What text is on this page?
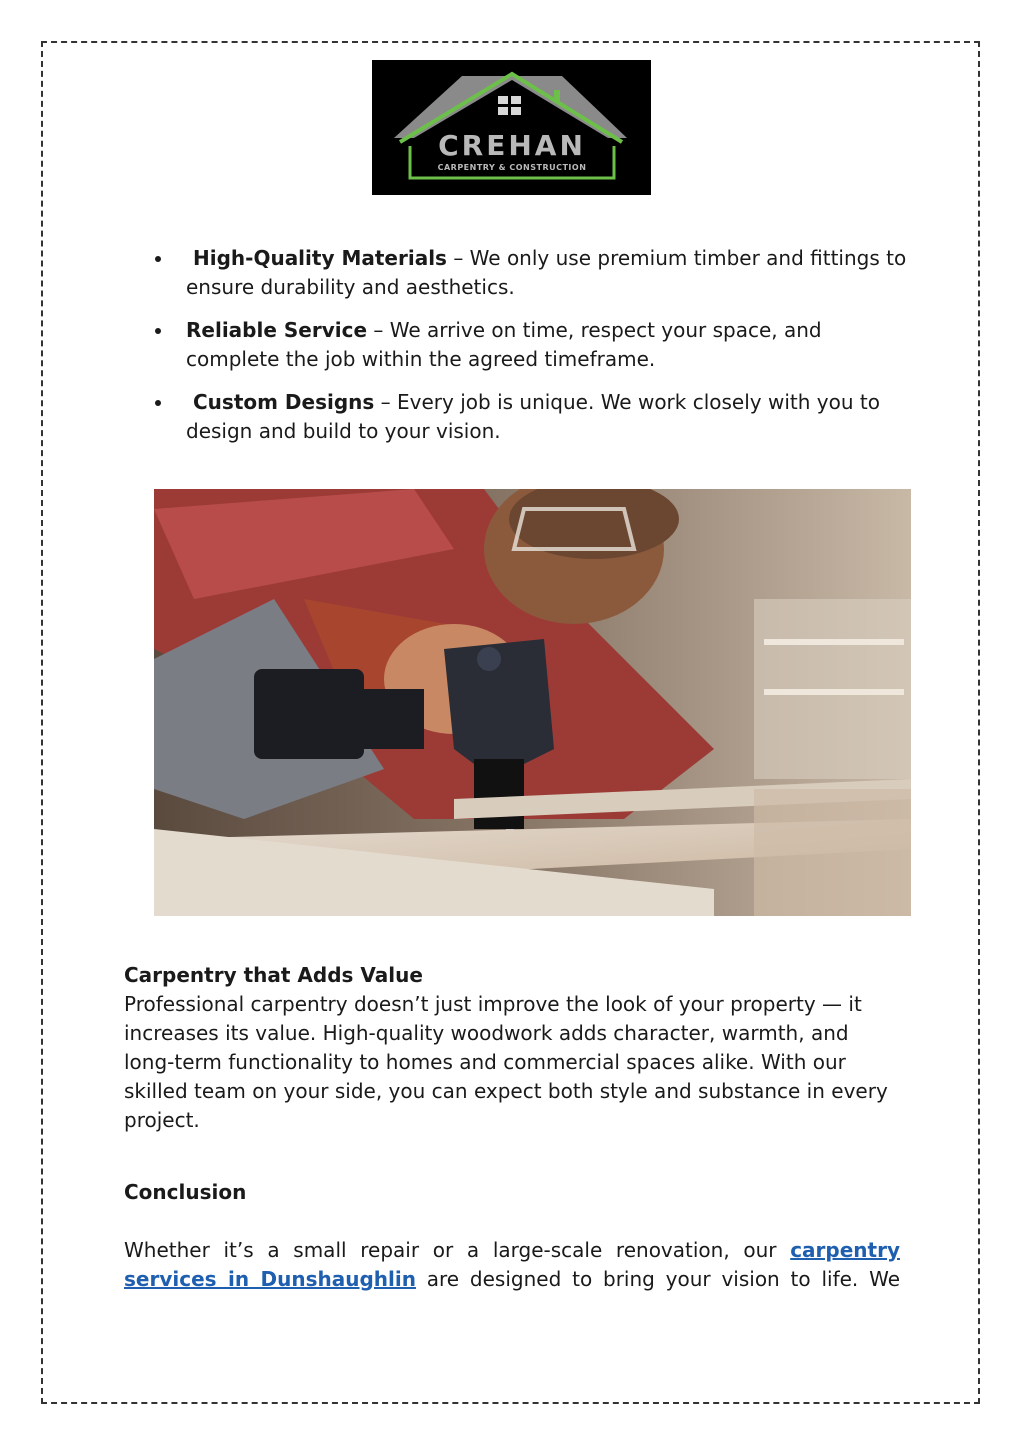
CREHAN
CARPENTRY & CONSTRUCTION
High-Quality Materials – We only use premium timber and fittings to ensure durability and aesthetics.
Reliable Service – We arrive on time, respect your space, and complete the job within the agreed timeframe.
Custom Designs – Every job is unique. We work closely with you to design and build to your vision.
Carpentry that Adds Value
Professional carpentry doesn’t just improve the look of your property — it increases its value. High-quality woodwork adds character, warmth, and long-term functionality to homes and commercial spaces alike. With our skilled team on your side, you can expect both style and substance in every project.
Conclusion
Whether it’s a small repair or a large-scale renovation, our carpentry services in Dunshaughlin are designed to bring your vision to life. We
